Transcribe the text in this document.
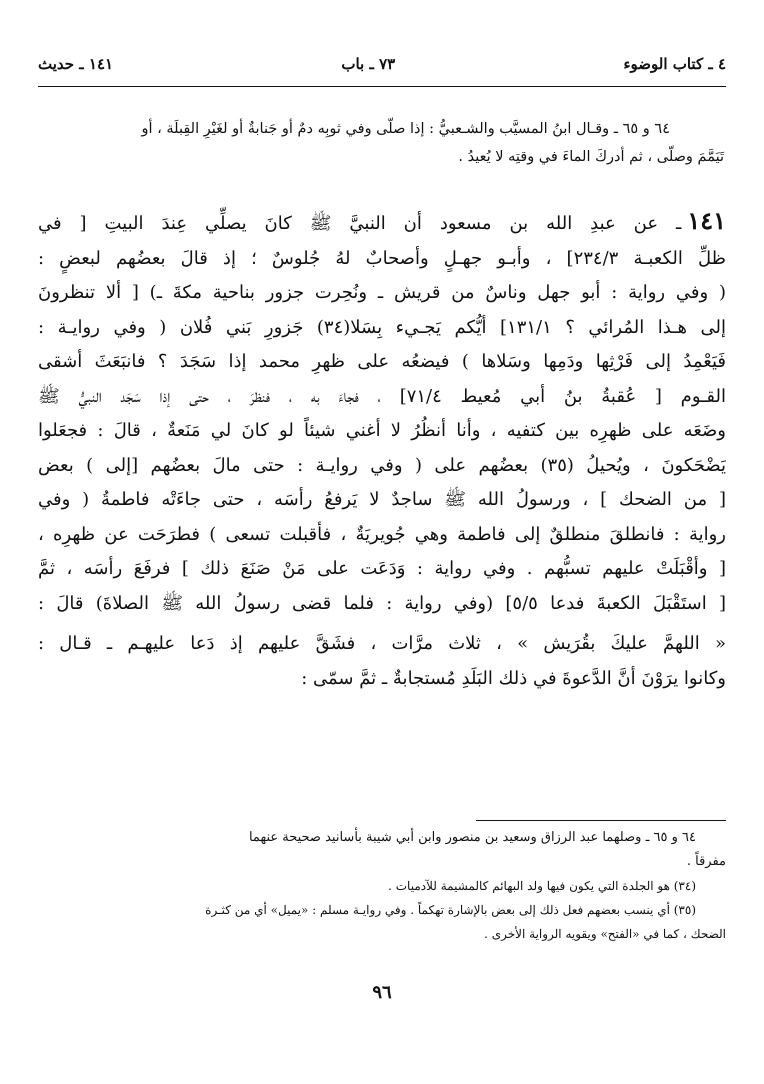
٤ ـ كتاب الوضوء
٧٣ ـ باب
١٤١ ـ حديث
٦٤ و ٦٥ ـ وقـال ابنُ المسيَّب والشـعبيُّ : إذا صلّى وفي ثوبِه دمٌ أو جَنابةٌ أو لغَيْرِ القِبلَة ، أو
تَيَمَّمَ وصلّى ، ثم أدركَ الماءَ في وقتِه لا يُعيدُ .
١٤١ـ عن عبدِ الله بن مسعود أن النبيَّ ﷺ كانَ يصلِّي عِندَ البيتِ [ في
ظلِّ الكعبـة ٢٣٤/٣] ، وأبـو جهـلٍ وأصحابٌ لهُ جُلوسٌ ؛ إذ قالَ بعضُهم لبعضٍ :
( وفي رواية : أبو جهل وناسٌ من قريش ـ ونُحِرت جزور بناحية مكةَ ـ) [ ألا تنظرونَ
إلى هـذا المُرائي ؟ ١٣١/١] أيُّكم يَجـيء بِسَلا(٣٤) جَزورِ بَني فُلان ( وفي روايـة :
فَيَعْمِدُ إلى فَرْثِها ودَمِها وسَلاها ) فيضعُه على ظهرِ محمد إذا سَجَدَ ؟ فانبَعَثَ أشقى
القـوم [ عُقبةُ بنُ أبي مُعيط ٧١/٤] ، فجاءَ به ، فنظرَ ، حتى إذا سَجَد النبيُّ ﷺ
وضَعَه على ظهرِه بين كتفيه ، وأنا أنظُرُ لا أغني شيئاً لو كانَ لي مَنَعةٌ ، قالَ : فجعَلوا
يَضْحَكونَ ، ويُحيلُ (٣٥) بعضُهم على ( وفي روايـة : حتى مالَ بعضُهم [إلى ) بعض
[ من الضحك ] ، ورسولُ الله ﷺ ساجدٌ لا يَرفعُ رأسَه ، حتى جاءَتْه فاطمةُ ( وفي
رواية : فانطلقَ منطلقٌ إلى فاطمة وهي جُويريَةٌ ، فأقبلت تسعى ) فطرَحَت عن ظهرِه ،
[ وأقْبَلَتْ عليهم تسبُّهم . وفي رواية : وَدَعَت على مَنْ صَنَعَ ذلك ] فرفَعَ رأسَه ، ثمَّ
[ استَقْبَلَ الكعبةَ فدعا ٥/٥] (وفي رواية : فلما قضى رسولُ الله ﷺ الصلاةَ) قالَ :
« اللهمَّ عليكَ بقُرَيش » ، ثلاث مرَّات ، فشَقَّ عليهم إذ دَعا عليهـم ـ قـال :
وكانوا يرَوْنَ أنَّ الدَّعوةَ في ذلك البَلَدِ مُستجابةٌ ـ ثمَّ سمّى :
٦٤ و ٦٥ ـ وصلهما عبد الرزاق وسعيد بن منصور وابن أبي شيبة بأسانيد صحيحة عنهما
مفرقاً .
(٣٤) هو الجلدة التي يكون فيها ولد البهائم كالمشيمة للآدميات .
(٣٥) أي ينسب بعضهم فعل ذلك إلى بعض بالإشارة تهكماً . وفي روايـة مسلم : «يميل» أي من كثـرة
الضحك ، كما في «الفتح» ويقويه الرواية الأخرى .
٩٦
